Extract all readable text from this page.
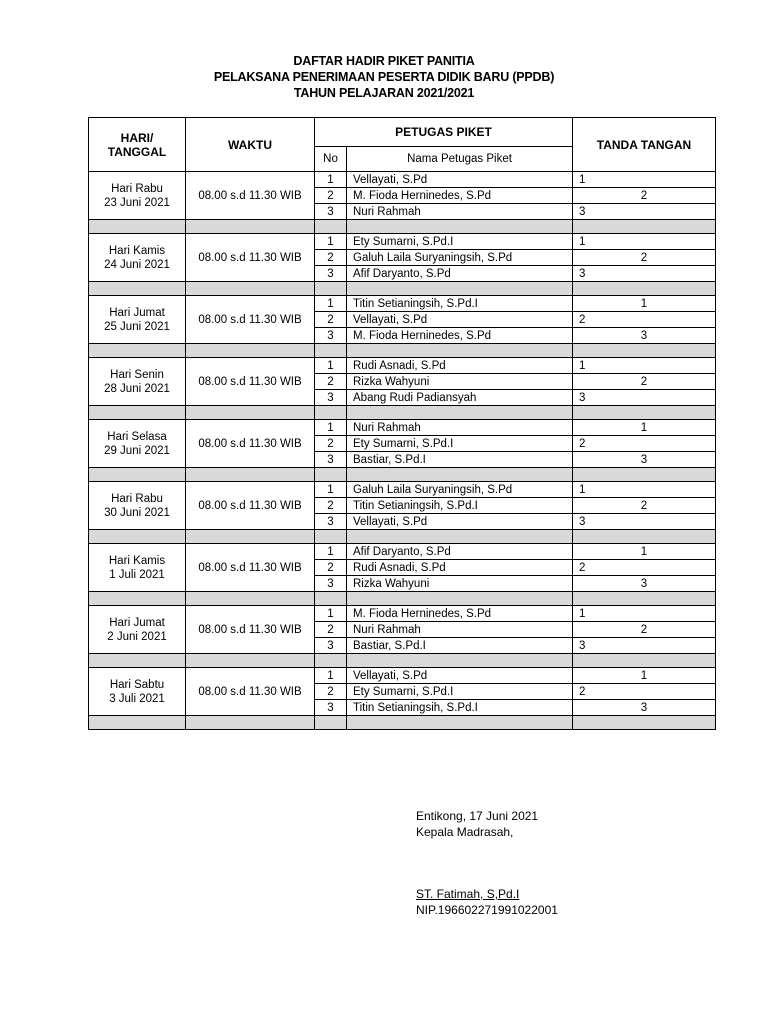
DAFTAR HADIR PIKET PANITIA
PELAKSANA PENERIMAAN PESERTA DIDIK BARU (PPDB)
TAHUN PELAJARAN 2021/2021
HARI/
TANGGAL	WAKTU	PETUGAS PIKET		TANDA TANGAN
		No	Nama Petugas Piket	

Hari Rabu
23 Juni 2021	08.00 s.d 11.30 WIB	1	Vellayati, S.Pd	1
		2	M. Fioda Herninedes, S.Pd	2
		3	Nuri Rahmah	3

Hari Kamis
24 Juni 2021	08.00 s.d 11.30 WIB	1	Ety Sumarni, S.Pd.I	1
		2	Galuh Laila Suryaningsih, S.Pd	2
		3	Afif Daryanto, S.Pd	3

Hari Jumat
25 Juni 2021	08.00 s.d 11.30 WIB	1	Titin Setianingsih, S.Pd.I	1
		2	Vellayati, S.Pd	2
		3	M. Fioda Herninedes, S.Pd	3

Hari Senin
28 Juni 2021	08.00 s.d 11.30 WIB	1	Rudi Asnadi, S.Pd	1
		2	Rizka Wahyuni	2
		3	Abang Rudi Padiansyah	3

Hari Selasa
29 Juni 2021	08.00 s.d 11.30 WIB	1	Nuri Rahmah	1
		2	Ety Sumarni, S.Pd.I	2
		3	Bastiar, S.Pd.I	3

Hari Rabu
30 Juni 2021	08.00 s.d 11.30 WIB	1	Galuh Laila Suryaningsih, S.Pd	1
		2	Titin Setianingsih, S.Pd.I	2
		3	Vellayati, S.Pd	3

Hari Kamis
1 Juli 2021	08.00 s.d 11.30 WIB	1	Afif Daryanto, S.Pd	1
		2	Rudi Asnadi, S.Pd	2
		3	Rizka Wahyuni	3

Hari Jumat
2 Juni 2021	08.00 s.d 11.30 WIB	1	M. Fioda Herninedes, S.Pd	1
		2	Nuri Rahmah	2
		3	Bastiar, S.Pd.I	3

Hari Sabtu
3 Juli 2021	08.00 s.d 11.30 WIB	1	Vellayati, S.Pd	1
		2	Ety Sumarni, S.Pd.I	2
		3	Titin Setianingsih, S.Pd.I	3

Entikong, 17 Juni 2021
Kepala Madrasah,
ST. Fatimah, S,Pd.I
NIP.196602271991022001
